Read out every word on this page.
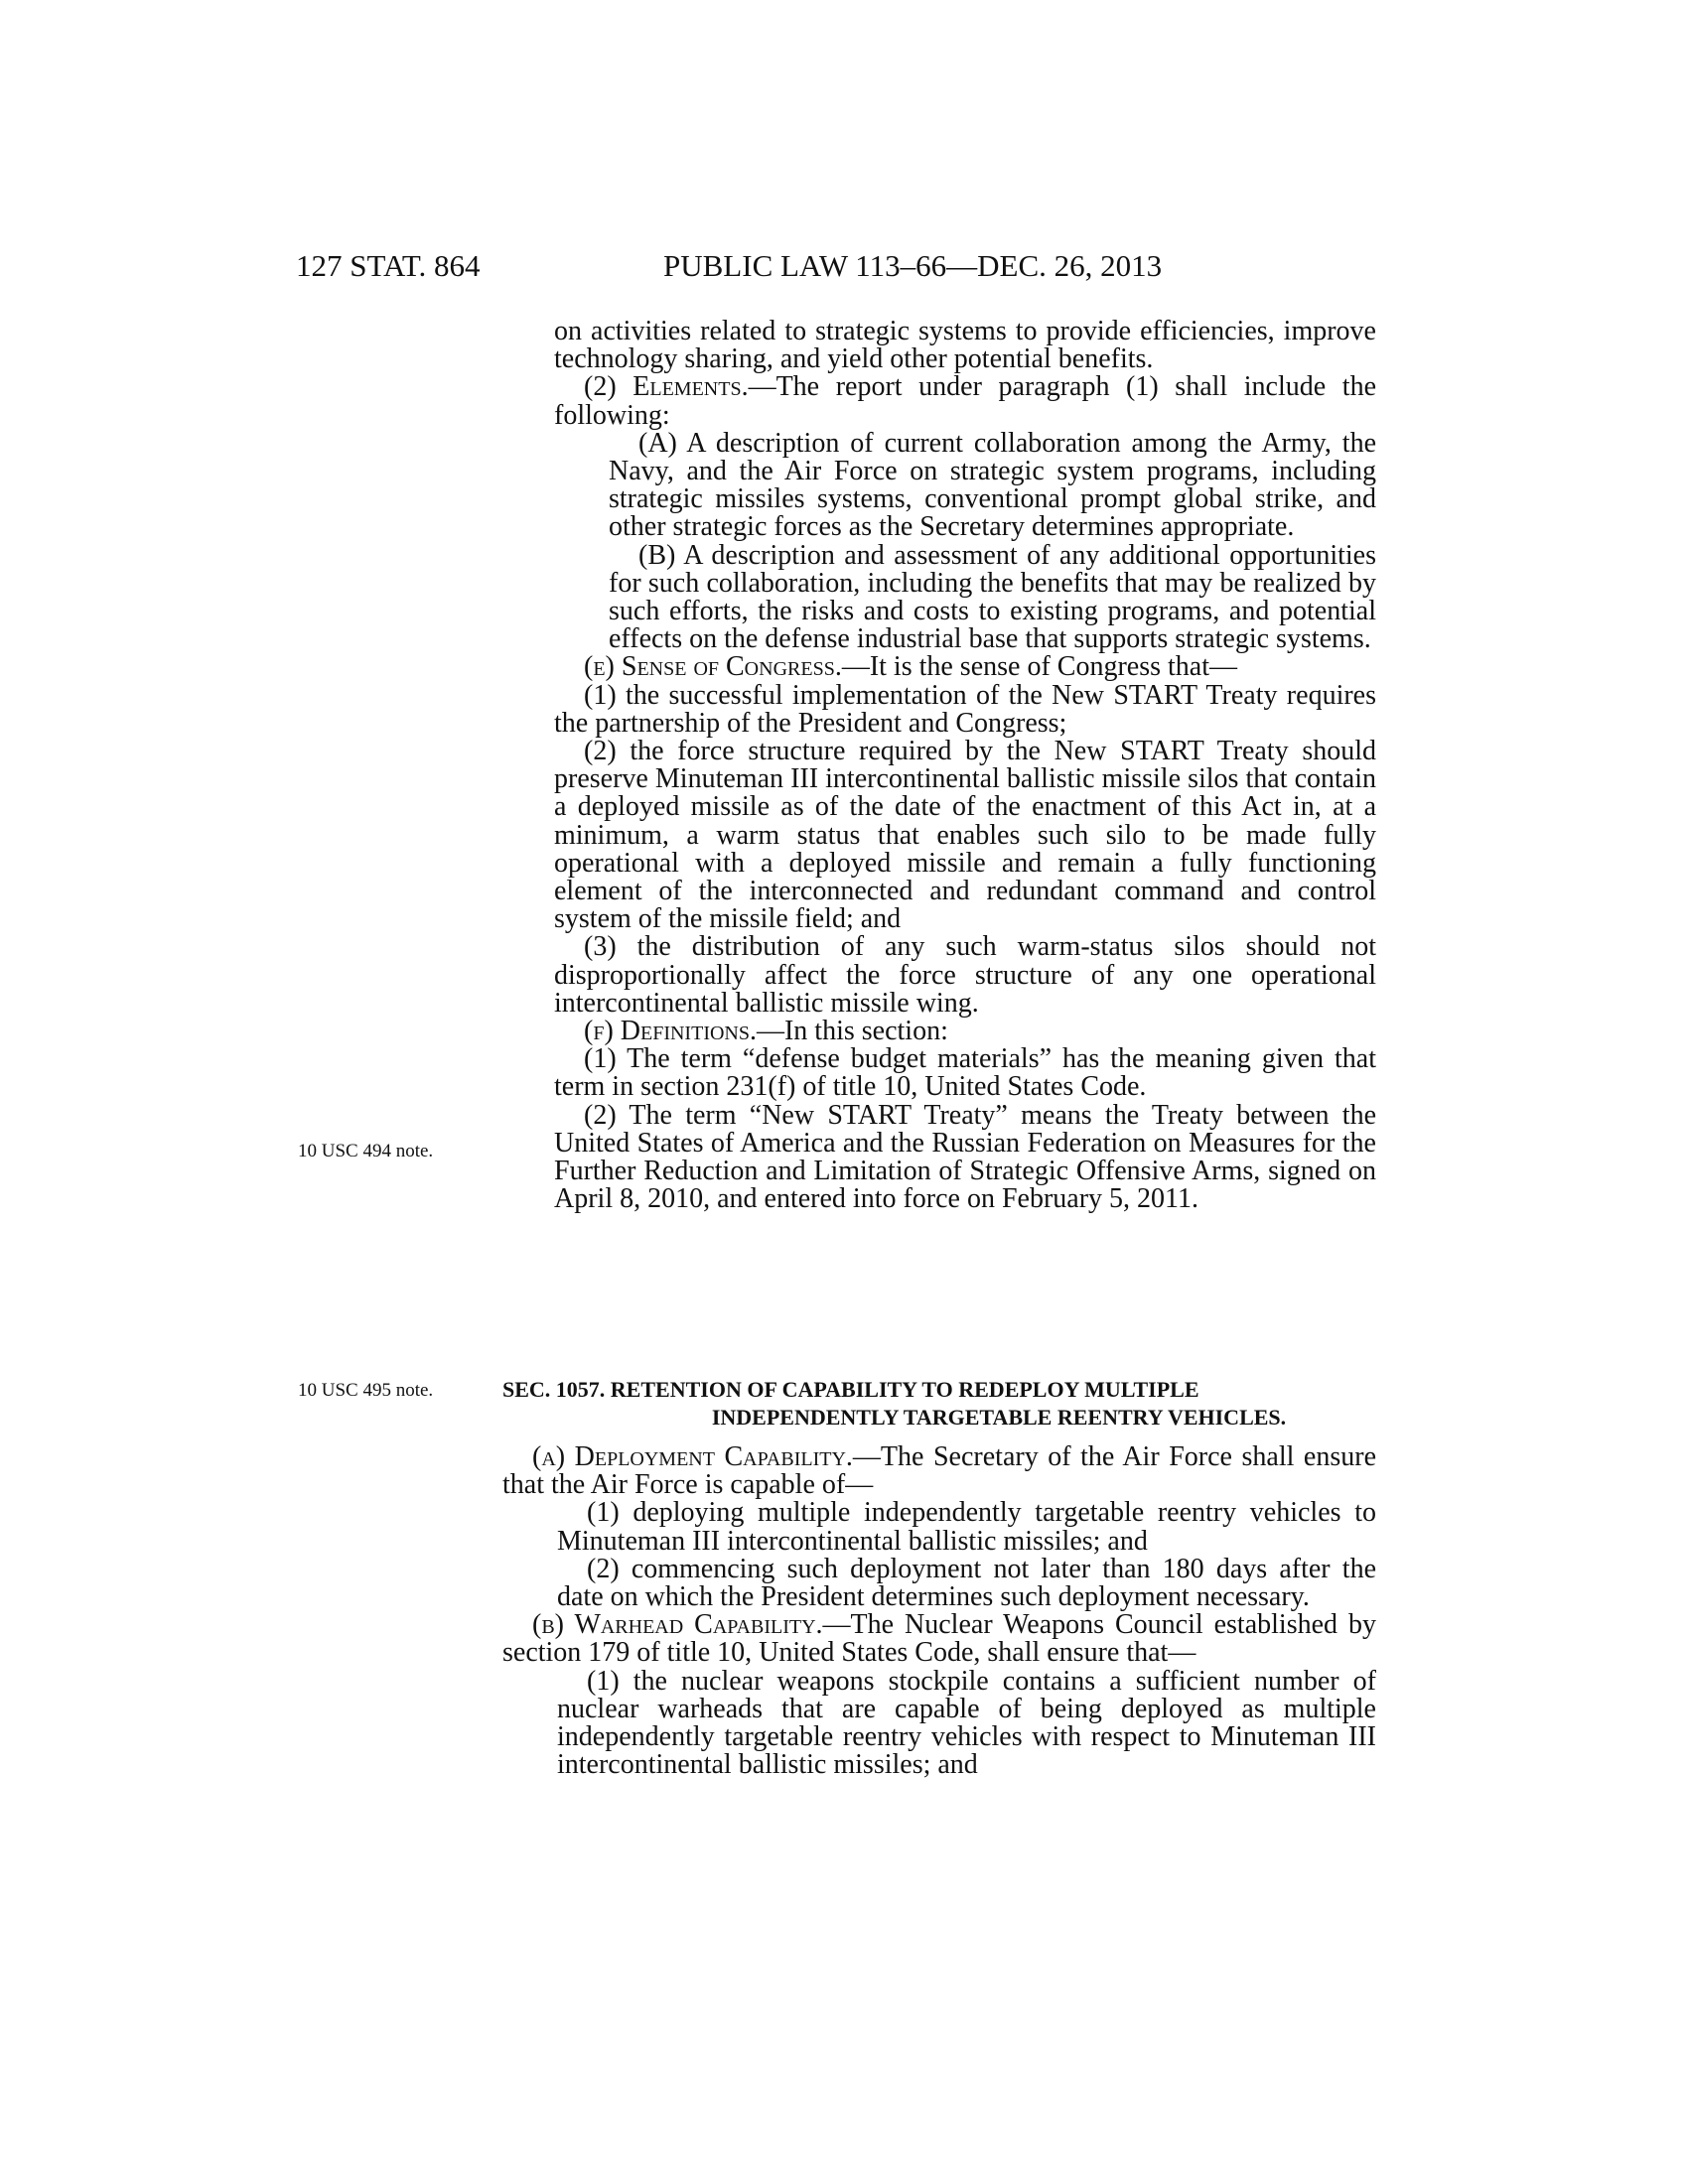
127 STAT. 864	PUBLIC LAW 113–66—DEC. 26, 2013
10 USC 494 note.
10 USC 495 note.

on activities related to strategic systems to provide efficiencies, improve technology sharing, and yield other potential benefits.

(2) Elements.—The report under paragraph (1) shall include the following:

(A) A description of current collaboration among the Army, the Navy, and the Air Force on strategic system programs, including strategic missiles systems, conventional prompt global strike, and other strategic forces as the Secretary determines appropriate.

(B) A description and assessment of any additional opportunities for such collaboration, including the benefits that may be realized by such efforts, the risks and costs to existing programs, and potential effects on the defense industrial base that supports strategic systems.

(e) Sense of Congress.—It is the sense of Congress that—

(1) the successful implementation of the New START Treaty requires the partnership of the President and Congress;

(2) the force structure required by the New START Treaty should preserve Minuteman III intercontinental ballistic missile silos that contain a deployed missile as of the date of the enactment of this Act in, at a minimum, a warm status that enables such silo to be made fully operational with a deployed missile and remain a fully functioning element of the interconnected and redundant command and control system of the missile field; and

(3) the distribution of any such warm-status silos should not disproportionally affect the force structure of any one operational intercontinental ballistic missile wing.

(f) Definitions.—In this section:

(1) The term “defense budget materials” has the meaning given that term in section 231(f) of title 10, United States Code.

(2) The term “New START Treaty” means the Treaty between the United States of America and the Russian Federation on Measures for the Further Reduction and Limitation of Strategic Offensive Arms, signed on April 8, 2010, and entered into force on February 5, 2011.

SEC. 1057. RETENTION OF CAPABILITY TO REDEPLOY MULTIPLE
INDEPENDENTLY TARGETABLE REENTRY VEHICLES.

(a) Deployment Capability.—The Secretary of the Air Force shall ensure that the Air Force is capable of—

(1) deploying multiple independently targetable reentry vehicles to Minuteman III intercontinental ballistic missiles; and

(2) commencing such deployment not later than 180 days after the date on which the President determines such deployment necessary.

(b) Warhead Capability.—The Nuclear Weapons Council established by section 179 of title 10, United States Code, shall ensure that—

(1) the nuclear weapons stockpile contains a sufficient number of nuclear warheads that are capable of being deployed as multiple independently targetable reentry vehicles with respect to Minuteman III intercontinental ballistic missiles; and
